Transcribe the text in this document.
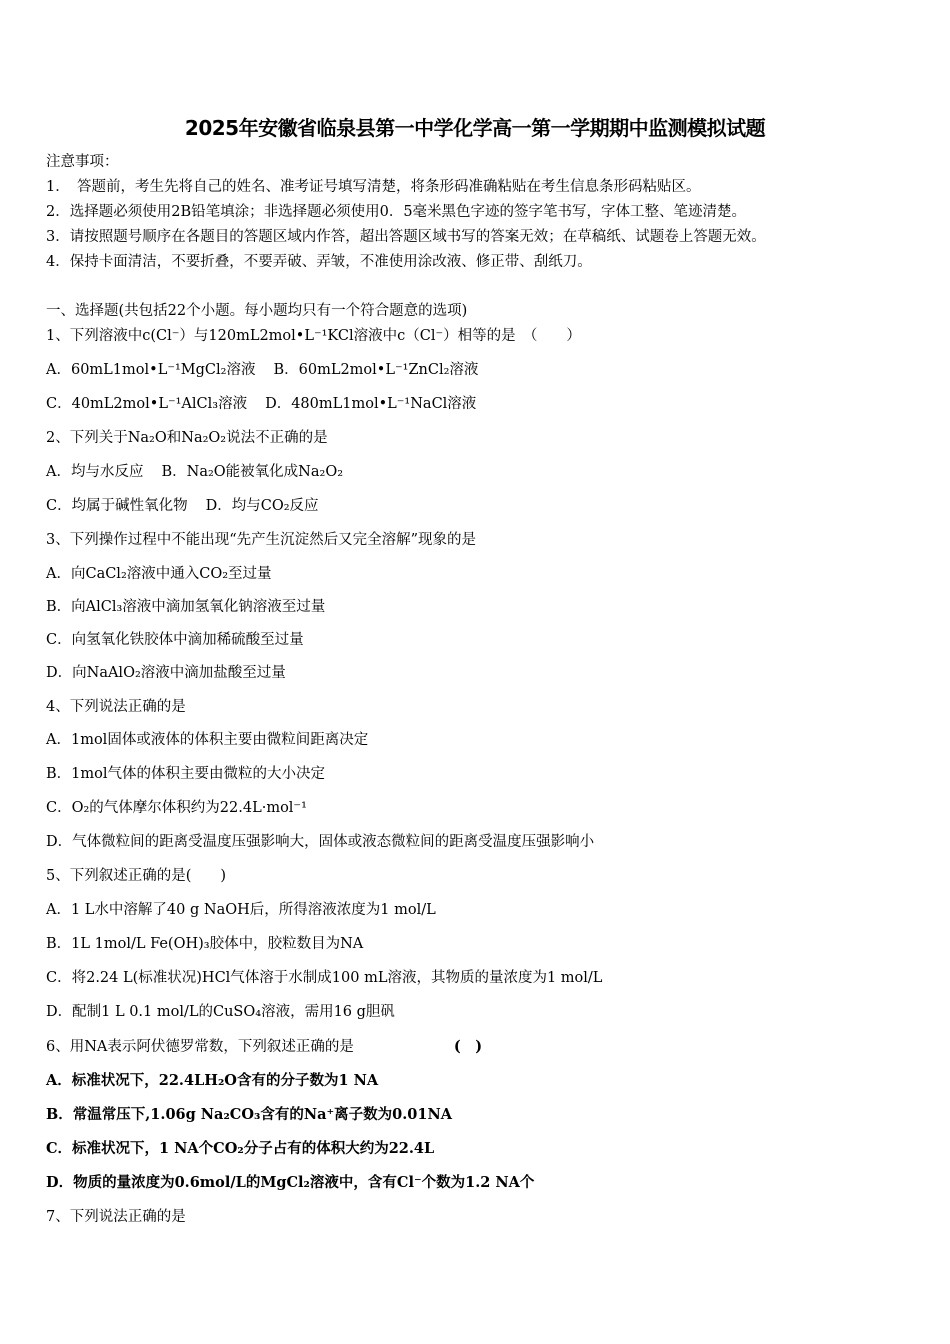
2025年安徽省临泉县第一中学化学高一第一学期期中监测模拟试题
注意事项：
1．　答题前，考生先将自己的姓名、准考证号填写清楚，将条形码准确粘贴在考生信息条形码粘贴区。
2．选择题必须使用2B铅笔填涂；非选择题必须使用0．5毫米黑色字迹的签字笔书写，字体工整、笔迹清楚。
3．请按照题号顺序在各题目的答题区域内作答，超出答题区域书写的答案无效；在草稿纸、试题卷上答题无效。
4．保持卡面清洁，不要折叠，不要弄破、弄皱，不准使用涂改液、修正带、刮纸刀。
一、选择题(共包括22个小题。每小题均只有一个符合题意的选项)
1、下列溶液中c(Cl⁻）与120mL2mol•L⁻¹KCl溶液中c（Cl⁻）相等的是　（　　）
A．60mL1mol•L⁻¹MgCl₂溶液 B．60mL2mol•L⁻¹ZnCl₂溶液
C．40mL2mol•L⁻¹AlCl₃溶液 D．480mL1mol•L⁻¹NaCl溶液
2、下列关于Na₂O和Na₂O₂说法不正确的是
A．均与水反应 B．Na₂O能被氧化成Na₂O₂
C．均属于碱性氧化物 D．均与CO₂反应
3、下列操作过程中不能出现“先产生沉淀然后又完全溶解”现象的是
A．向CaCl₂溶液中通入CO₂至过量
B．向AlCl₃溶液中滴加氢氧化钠溶液至过量
C．向氢氧化铁胶体中滴加稀硫酸至过量
D．向NaAlO₂溶液中滴加盐酸至过量
4、下列说法正确的是
A．1mol固体或液体的体积主要由微粒间距离决定
B．1mol气体的体积主要由微粒的大小决定
C．O₂的气体摩尔体积约为22.4L·mol⁻¹
D．气体微粒间的距离受温度压强影响大，固体或液态微粒间的距离受温度压强影响小
5、下列叙述正确的是(　　)
A．1 L水中溶解了40 g NaOH后，所得溶液浓度为1 mol/L
B．1L 1mol/L Fe(OH)₃胶体中，胶粒数目为NA
C．将2.24 L(标准状况)HCl气体溶于水制成100 mL溶液，其物质的量浓度为1 mol/L
D．配制1 L 0.1 mol/L的CuSO₄溶液，需用16 g胆矾
6、用NA表示阿伏德罗常数，下列叙述正确的是	(　)
A．标准状况下，22.4LH₂O含有的分子数为1 NA
B．常温常压下,1.06g Na₂CO₃含有的Na⁺离子数为0.01NA
C．标准状况下，1 NA个CO₂分子占有的体积大约为22.4L
D．物质的量浓度为0.6mol/L的MgCl₂溶液中，含有Cl⁻个数为1.2 NA个
7、下列说法正确的是
